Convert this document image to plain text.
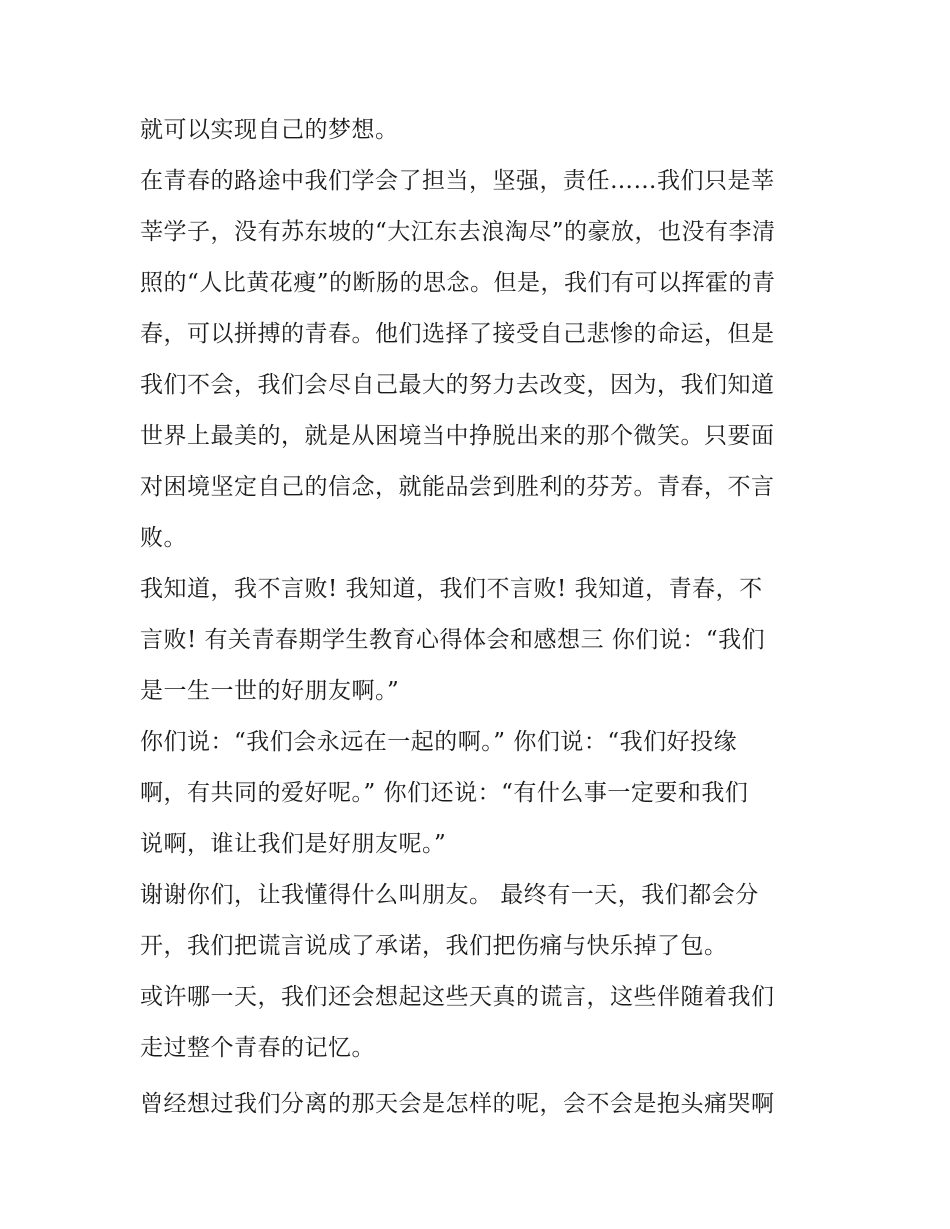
就可以实现自己的梦想。
在青春的路途中我们学会了担当，坚强，责任……我们只是莘
莘学子，没有苏东坡的“大江东去浪淘尽”的豪放，也没有李清
照的“人比黄花瘦”的断肠的思念。但是，我们有可以挥霍的青
春，可以拼搏的青春。他们选择了接受自己悲惨的命运，但是
我们不会，我们会尽自己最大的努力去改变，因为，我们知道
世界上最美的，就是从困境当中挣脱出来的那个微笑。只要面
对困境坚定自己的信念，就能品尝到胜利的芬芳。青春，不言
败。
我知道，我不言败! 我知道，我们不言败! 我知道，青春，不
言败! 有关青春期学生教育心得体会和感想三 你们说：“我们
是一生一世的好朋友啊。”
你们说：“我们会永远在一起的啊。” 你们说：“我们好投缘
啊，有共同的爱好呢。” 你们还说：“有什么事一定要和我们
说啊，谁让我们是好朋友呢。”
谢谢你们，让我懂得什么叫朋友。 最终有一天，我们都会分
开，我们把谎言说成了承诺，我们把伤痛与快乐掉了包。
或许哪一天，我们还会想起这些天真的谎言，这些伴随着我们
走过整个青春的记忆。
曾经想过我们分离的那天会是怎样的呢，会不会是抱头痛哭啊
